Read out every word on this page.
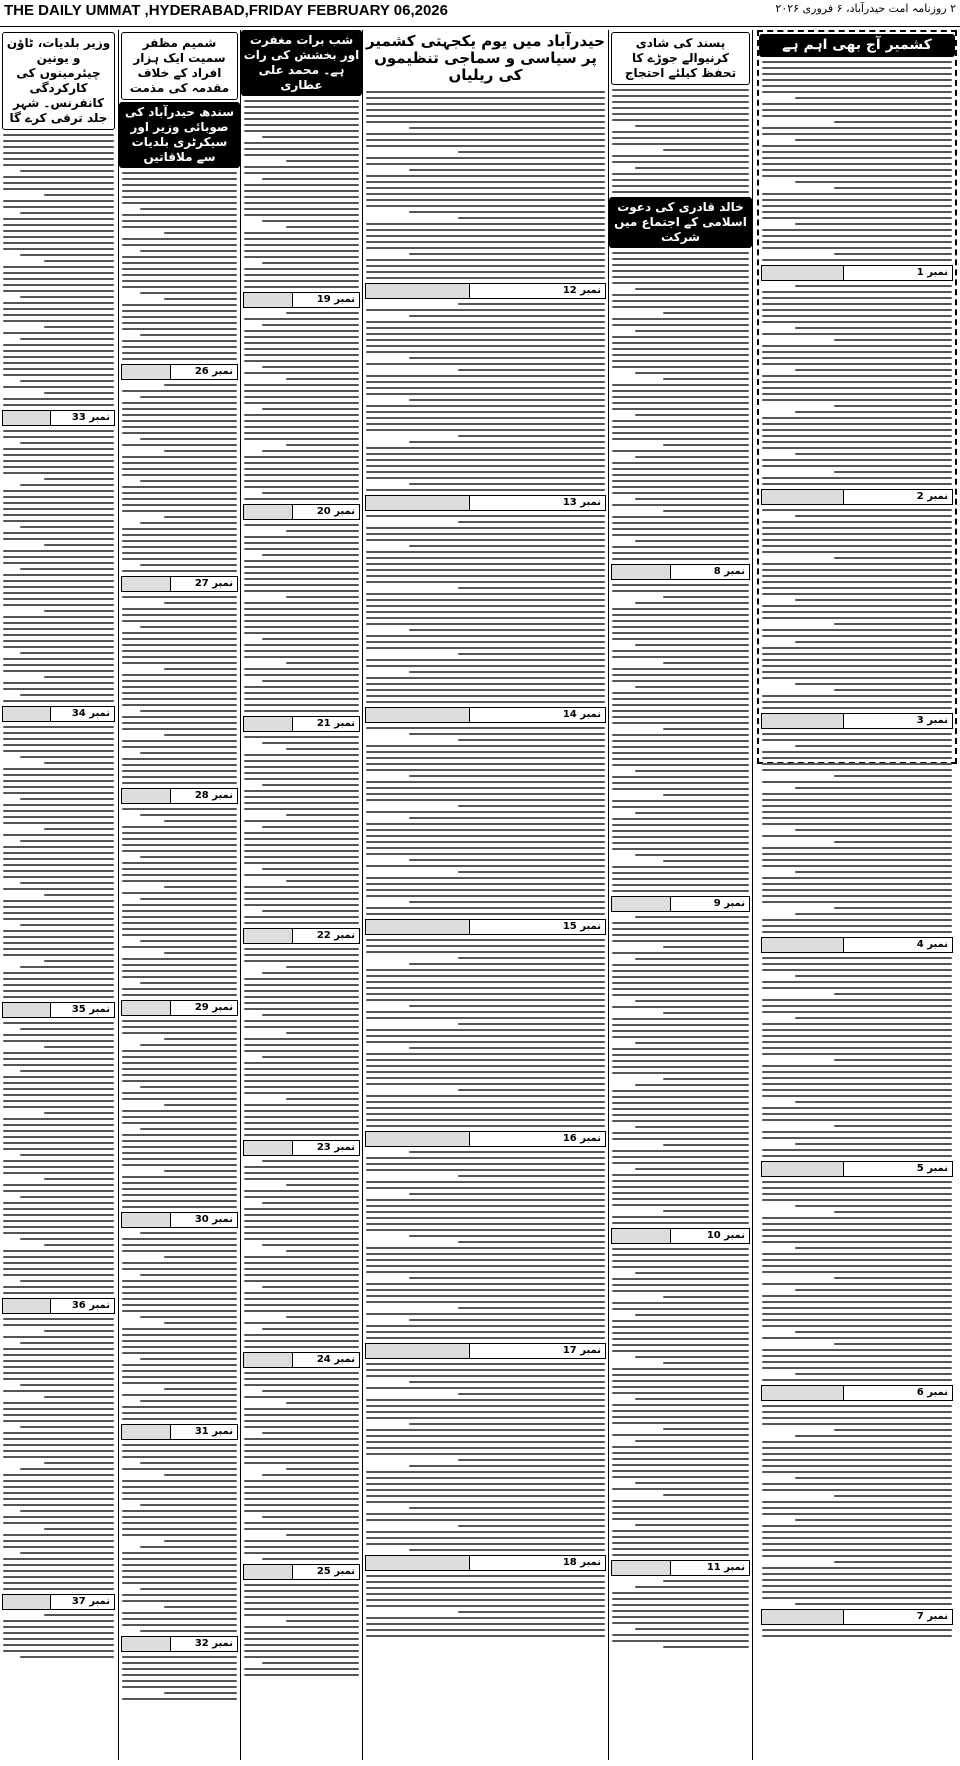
THE DAILY UMMAT ,HYDERABAD,FRIDAY FEBRUARY 06,2026	۲ روزنامہ امت حیدرآباد، ۶ فروری ۲۰۲۶
کشمیر آج بھی اہم ہے
نمبر 1
نمبر 2
نمبر 3
نمبر 4
نمبر 5
نمبر 6
نمبر 7
پسند کی شادی کرنیوالے جوڑے کا تحفظ کیلئے احتجاج
خالد قادری کی دعوت اسلامی کے اجتماع میں شرکت
نمبر 8
نمبر 9
نمبر 10
نمبر 11
حیدرآباد میں یوم یکجہتی کشمیر پر سیاسی و سماجی تنظیموں کی ریلیاں
نمبر 12
نمبر 13
نمبر 14
نمبر 15
نمبر 16
نمبر 17
نمبر 18
شب برات مغفرت اور بخشش کی رات ہے۔ محمد علی عطاری
نمبر 19
نمبر 20
نمبر 21
نمبر 22
نمبر 23
نمبر 24
نمبر 25
شمیم مظفر سمیت ایک ہزار افراد کے خلاف مقدمہ کی مذمت
سندھ حیدرآباد کی صوبائی وزیر اور سیکرٹری بلدیات سے ملاقاتیں
نمبر 26
نمبر 27
نمبر 28
نمبر 29
نمبر 30
نمبر 31
نمبر 32
وزیر بلدیات، ٹاؤن و یونین چیئرمینوں کی کارکردگی کانفرنس۔ شہر جلد ترقی کرے گا
نمبر 33
نمبر 34
نمبر 35
نمبر 36
نمبر 37
